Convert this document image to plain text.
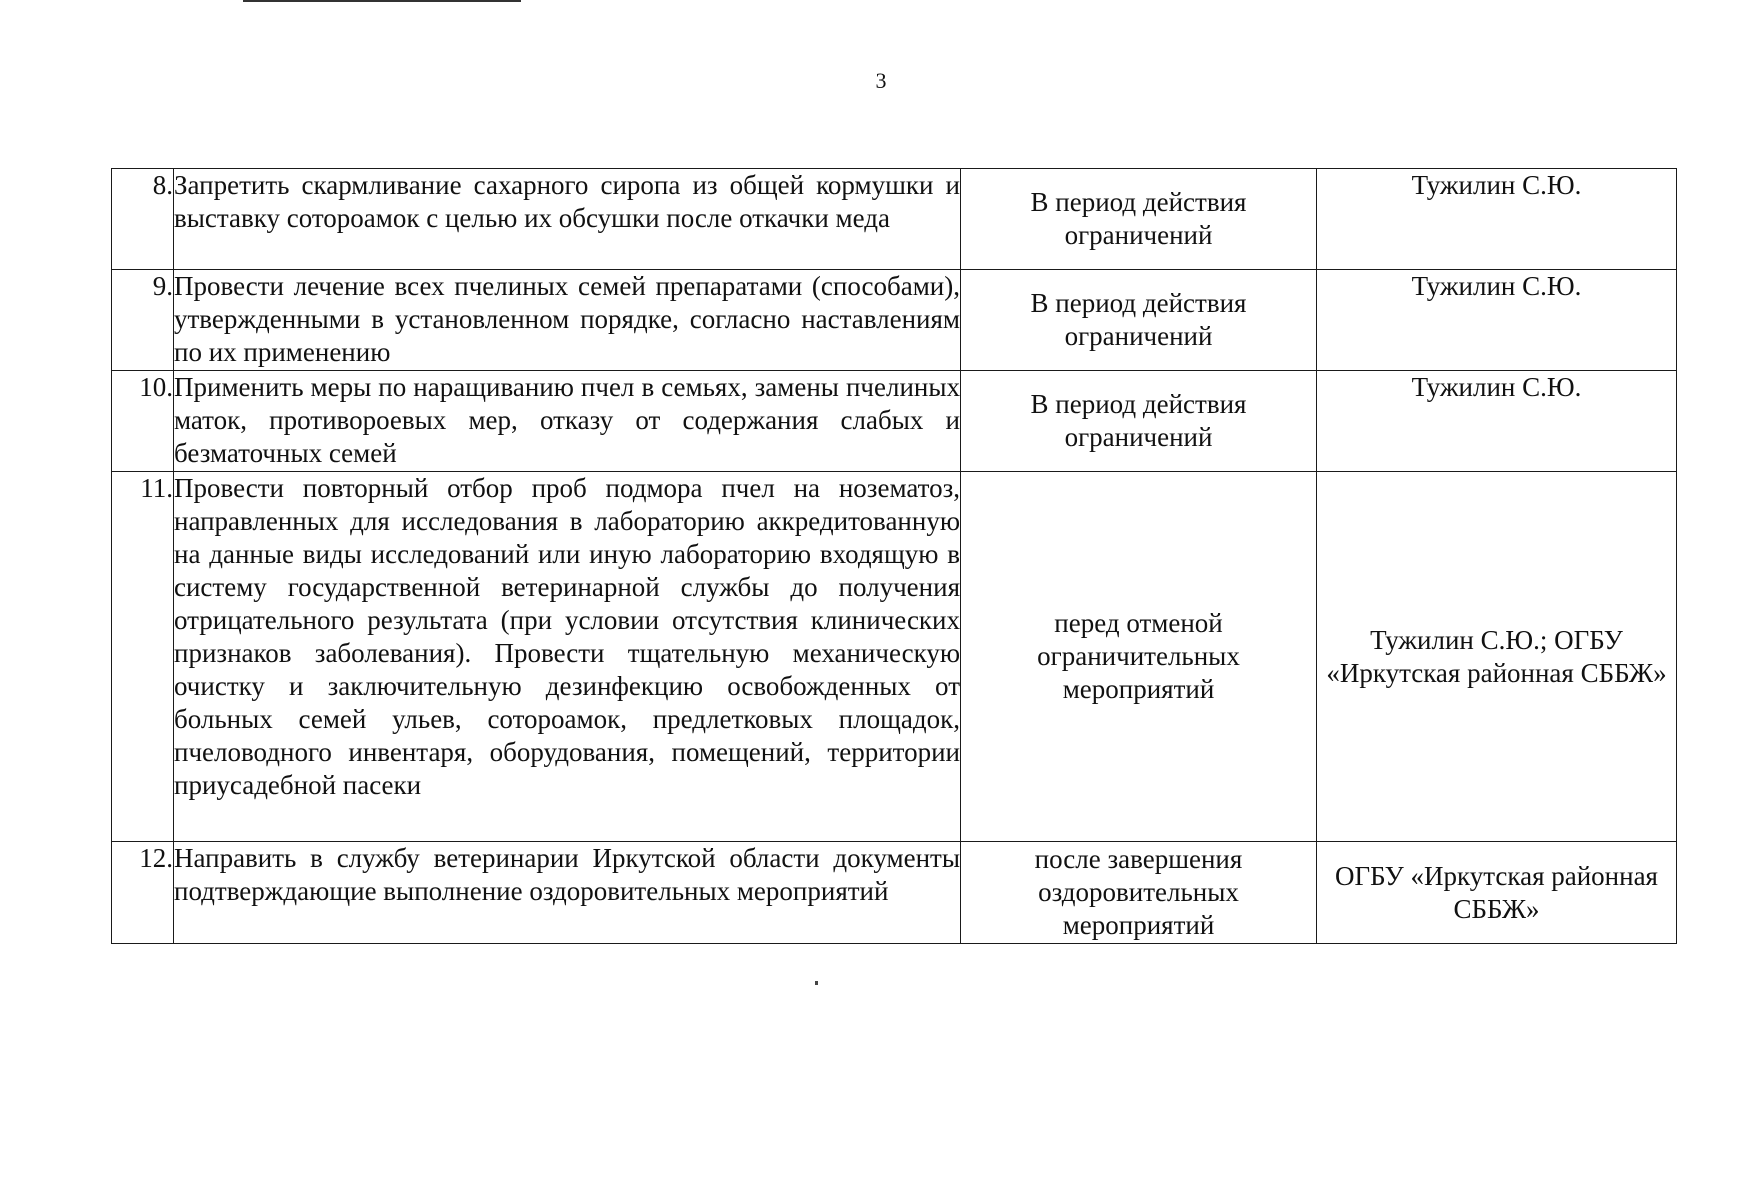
3
8.	Запретить скармливание сахарного сиропа из общей кормушки и выставку сотороамок с целью их обсушки после откачки меда	В период действия ограничений	Тужилин С.Ю.
9.	Провести лечение всех пчелиных семей препаратами (способами), утвержденными в установленном порядке, согласно наставлениям по их применению	В период действия ограничений	Тужилин С.Ю.
10.	Применить меры по наращиванию пчел в семьях, замены пчелиных маток, противороевых мер, отказу от содержания слабых и безматочных семей	В период действия ограничений	Тужилин С.Ю.
11.	Провести повторный отбор проб подмора пчел на нозематоз, направленных для исследования в лабораторию аккредитованную на данные виды исследований или иную лабораторию входящую в систему государственной ветеринарной службы до получения отрицательного результата (при условии отсутствия клинических признаков заболевания). Провести тщательную механическую очистку и заключительную дезинфекцию освобожденных от больных семей ульев, сотороамок, предлетковых площадок, пчеловодного инвентаря, оборудования, помещений, территории приусадебной пасеки	перед отменой ограничительных мероприятий	Тужилин С.Ю.; ОГБУ «Иркутская районная СББЖ»
12.	Направить в службу ветеринарии Иркутской области документы подтверждающие выполнение оздоровительных мероприятий	после завершения оздоровительных мероприятий	ОГБУ «Иркутская районная СББЖ»
